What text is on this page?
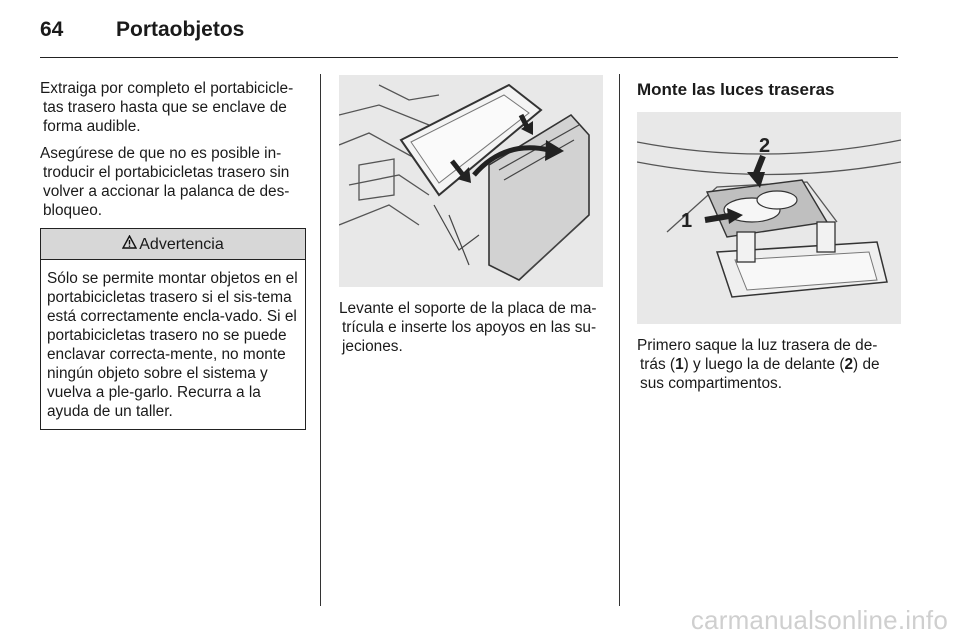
64	Portaobjetos

Extraiga por completo el portabicicle-tas trasero hasta que se enclave de forma audible.

Asegúrese de que no es posible in-troducir el portabicicletas trasero sin volver a accionar la palanca de des-bloqueo.

Advertencia
Sólo se permite montar objetos en el portabicicletas trasero si el sis-tema está correctamente encla-vado. Si el portabicicletas trasero no se puede enclavar correcta-mente, no monte ningún objeto sobre el sistema y vuelva a ple-garlo. Recurra a la ayuda de un taller.

Levante el soporte de la placa de ma-trícula e inserte los apoyos en las su-jeciones.

Monte las luces traseras
1
2

Primero saque la luz trasera de de-trás (1) y luego la de delante (2) de sus compartimentos.

carmanualsonline.info
